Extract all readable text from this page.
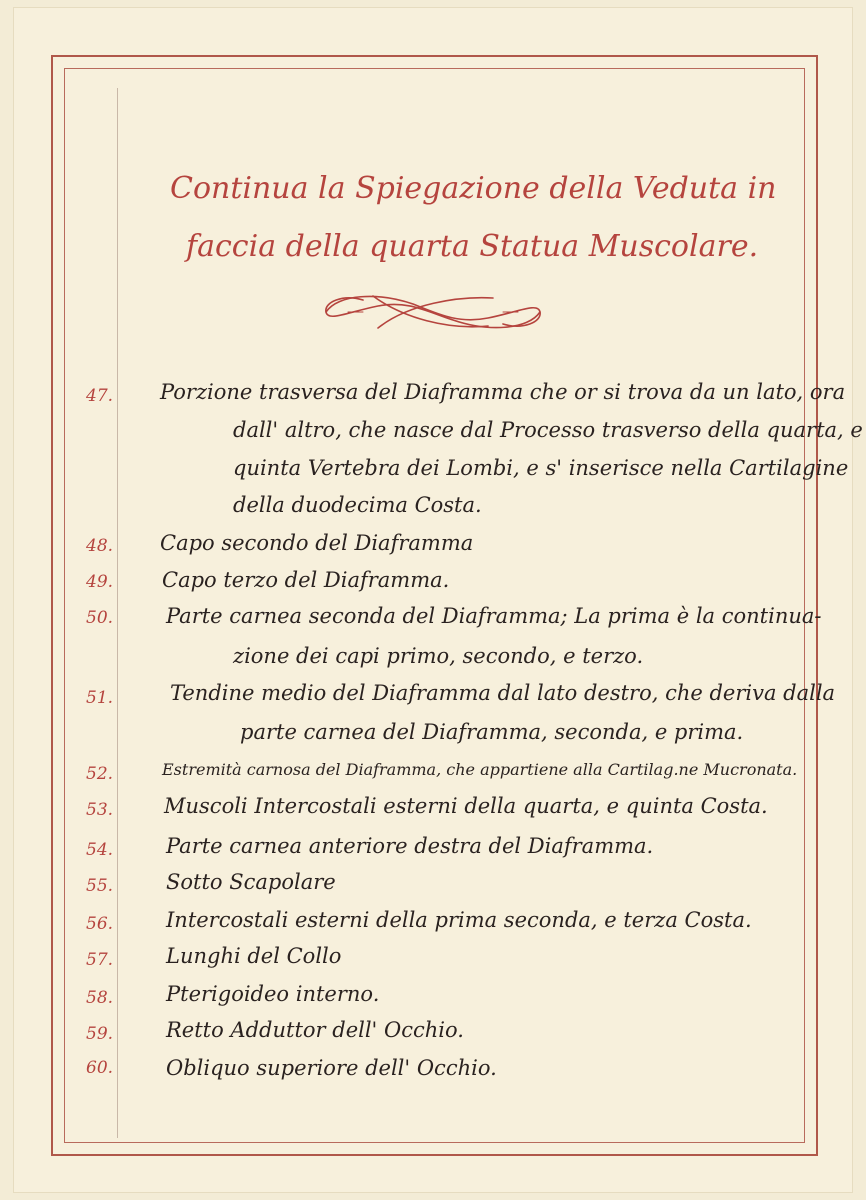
Continua la Spiegazione della Veduta in
faccia della quarta Statua Muscolare.
47. Porzione trasversa del Diaframma che or si trova da un lato, ora
dall' altro, che nasce dal Processo trasverso della quarta, e
quinta Vertebra dei Lombi, e s' inserisce nella Cartilagine
della duodecima Costa.
48. Capo secondo del Diaframma
49. Capo terzo del Diaframma.
50.	Parte carnea seconda del Diaframma; La prima è la continua-
zione dei capi primo, secondo, e terzo.
51.	Tendine medio del Diaframma dal lato destro, che deriva dalla
parte carnea del Diaframma, seconda, e prima.
52.	Estremità carnosa del Diaframma, che appartiene alla Cartilag.ne Mucronata.
53. Muscoli Intercostali esterni della quarta, e quinta Costa.
54.	Parte carnea anteriore destra del Diaframma.
55.	Sotto Scapolare
56.	Intercostali esterni della prima seconda, e terza Costa.
57.	Lunghi del Collo
58.	Pterigoideo interno.
59.	Retto Adduttor dell' Occhio.
60.	Obliquo superiore dell' Occhio.
